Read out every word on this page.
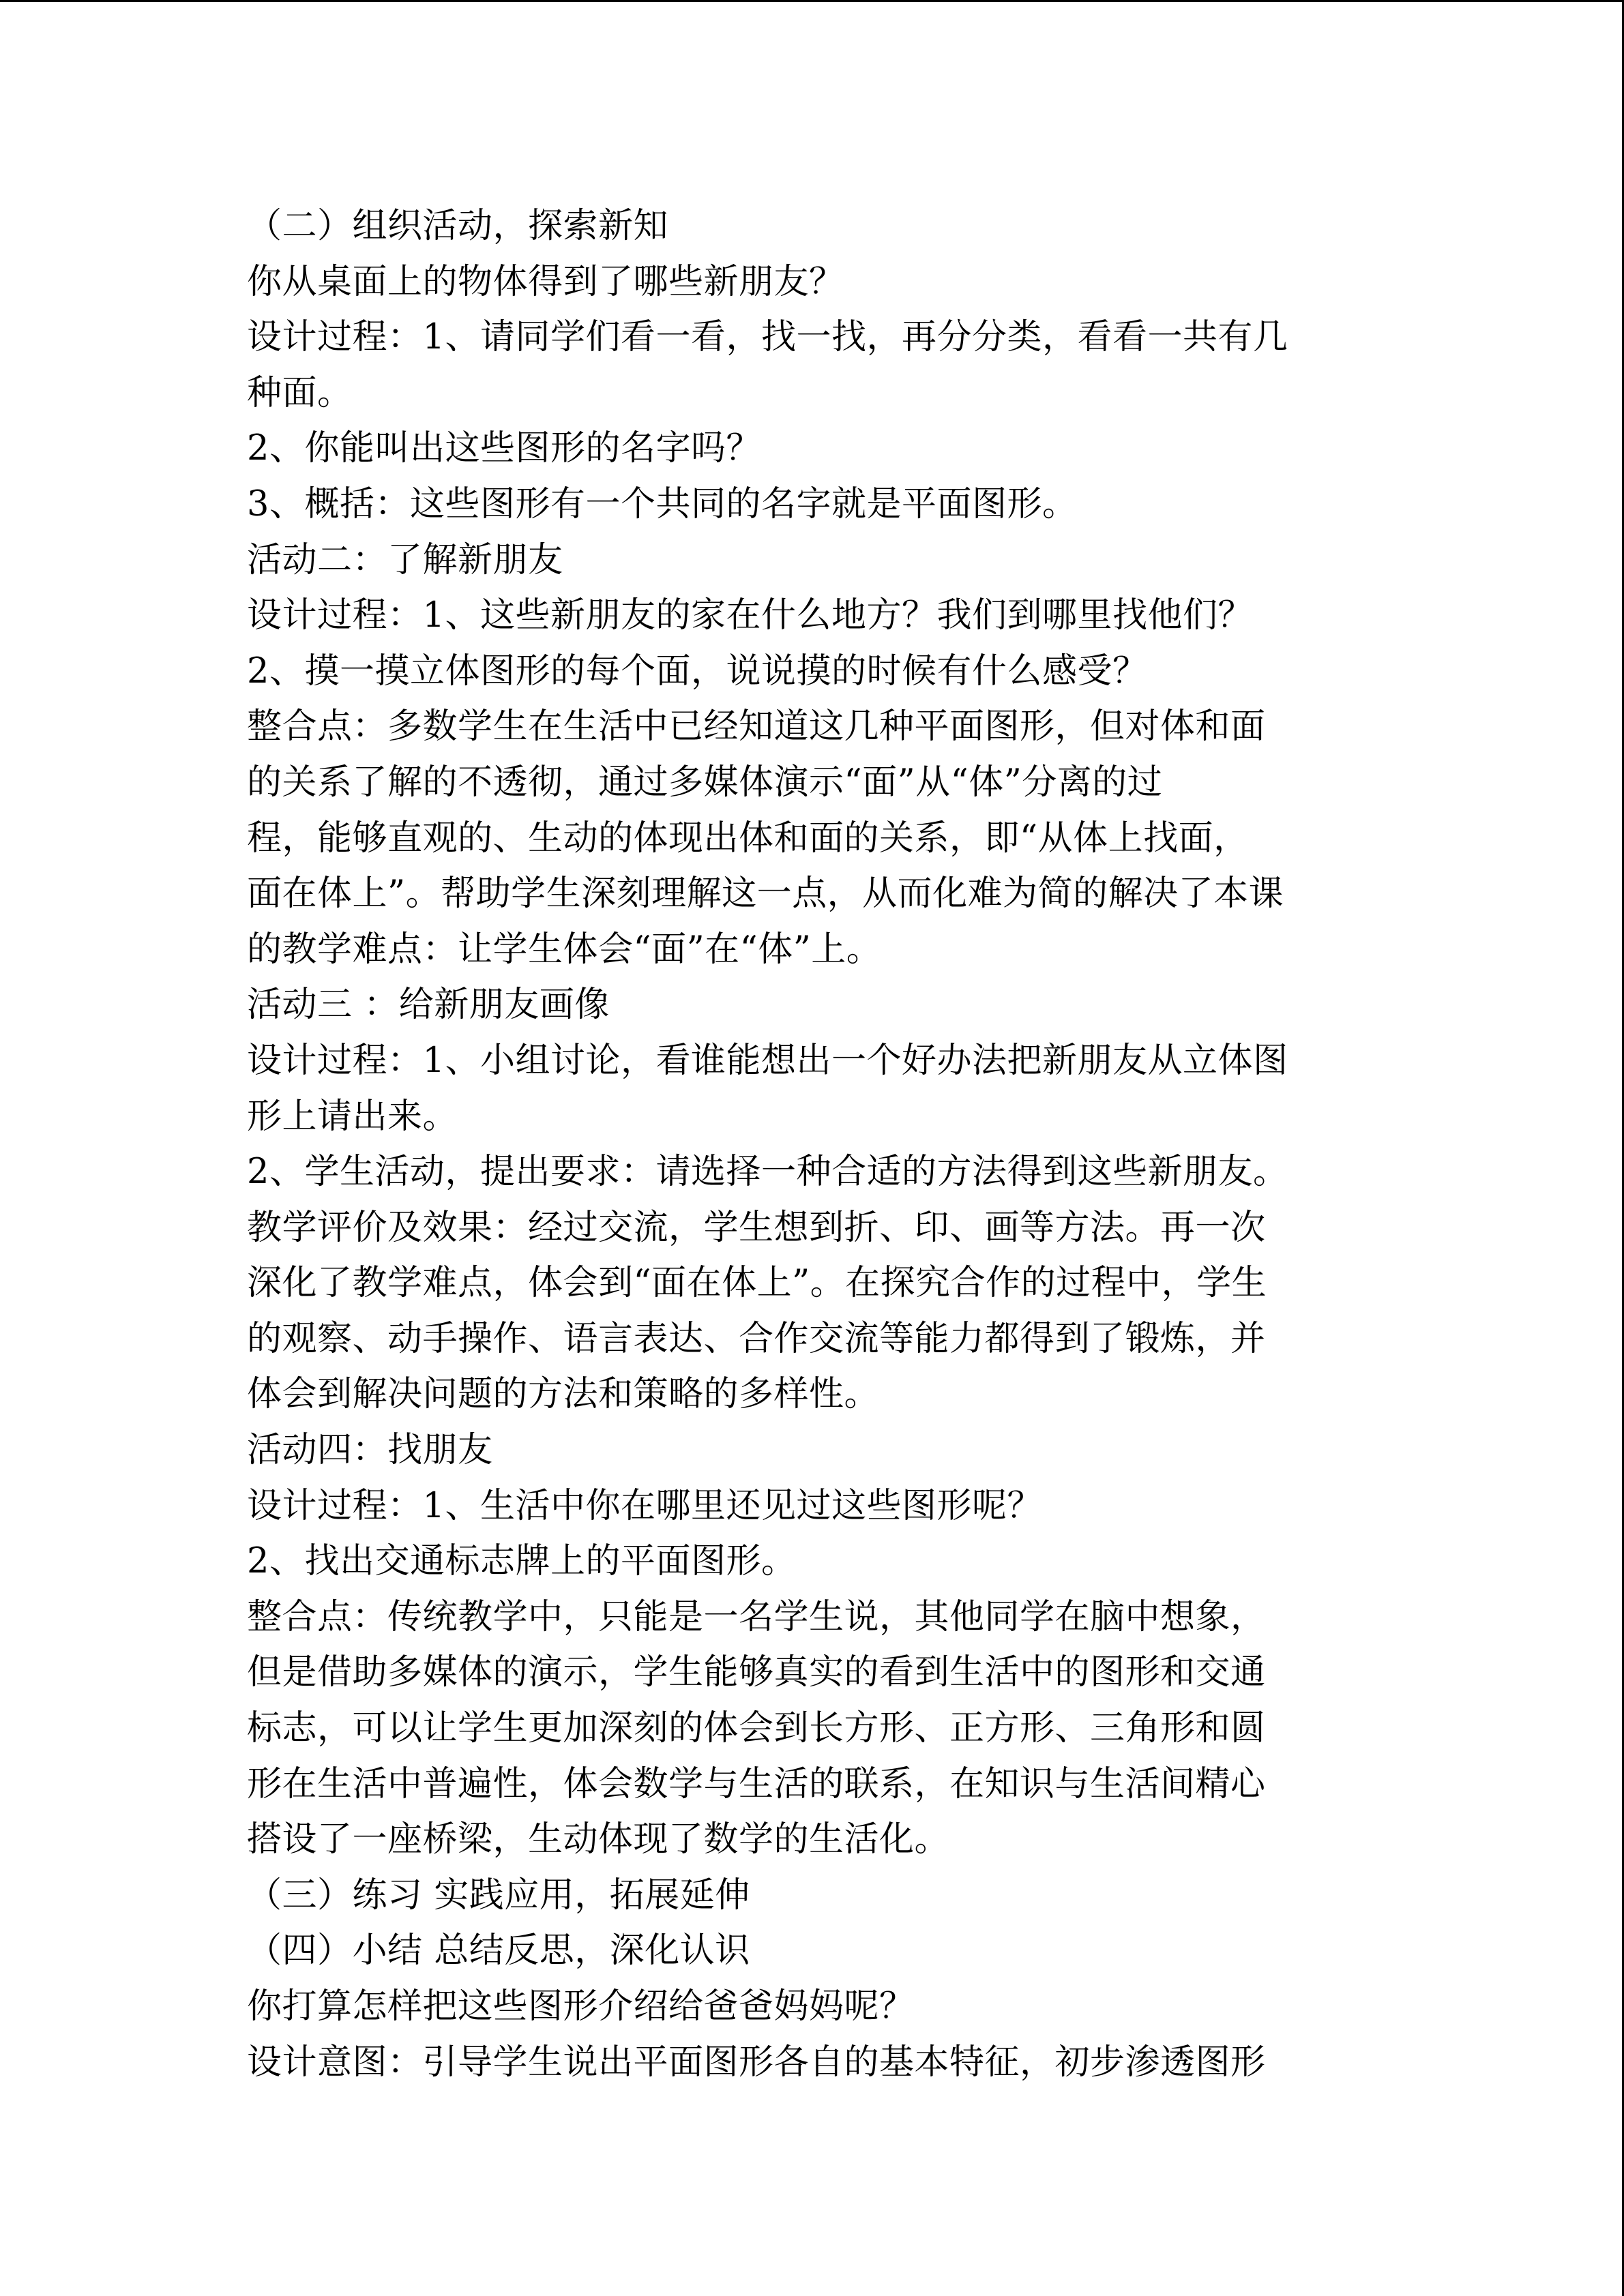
（二）组织活动，探索新知
你从桌面上的物体得到了哪些新朋友？
设计过程：1、请同学们看一看，找一找，再分分类，看看一共有几
种面。
2、你能叫出这些图形的名字吗？
3、概括：这些图形有一个共同的名字就是平面图形。
活动二：了解新朋友
设计过程：1、这些新朋友的家在什么地方？我们到哪里找他们？
2、摸一摸立体图形的每个面，说说摸的时候有什么感受？
整合点：多数学生在生活中已经知道这几种平面图形，但对体和面
的关系了解的不透彻，通过多媒体演示“面”从“体”分离的过
程，能够直观的、生动的体现出体和面的关系，即“从体上找面，
面在体上”。帮助学生深刻理解这一点，从而化难为简的解决了本课
的教学难点：让学生体会“面”在“体”上。
活动三 ：给新朋友画像
设计过程：1、小组讨论，看谁能想出一个好办法把新朋友从立体图
形上请出来。
2、学生活动，提出要求：请选择一种合适的方法得到这些新朋友。
教学评价及效果：经过交流，学生想到折、印、画等方法。再一次
深化了教学难点，体会到“面在体上”。在探究合作的过程中，学生
的观察、动手操作、语言表达、合作交流等能力都得到了锻炼，并
体会到解决问题的方法和策略的多样性。
活动四：找朋友
设计过程：1、生活中你在哪里还见过这些图形呢？
2、找出交通标志牌上的平面图形。
整合点：传统教学中，只能是一名学生说，其他同学在脑中想象，
但是借助多媒体的演示，学生能够真实的看到生活中的图形和交通
标志，可以让学生更加深刻的体会到长方形、正方形、三角形和圆
形在生活中普遍性，体会数学与生活的联系，在知识与生活间精心
搭设了一座桥梁，生动体现了数学的生活化。
（三）练习 实践应用，拓展延伸
（四）小结 总结反思，深化认识
你打算怎样把这些图形介绍给爸爸妈妈呢？
设计意图：引导学生说出平面图形各自的基本特征，初步渗透图形
